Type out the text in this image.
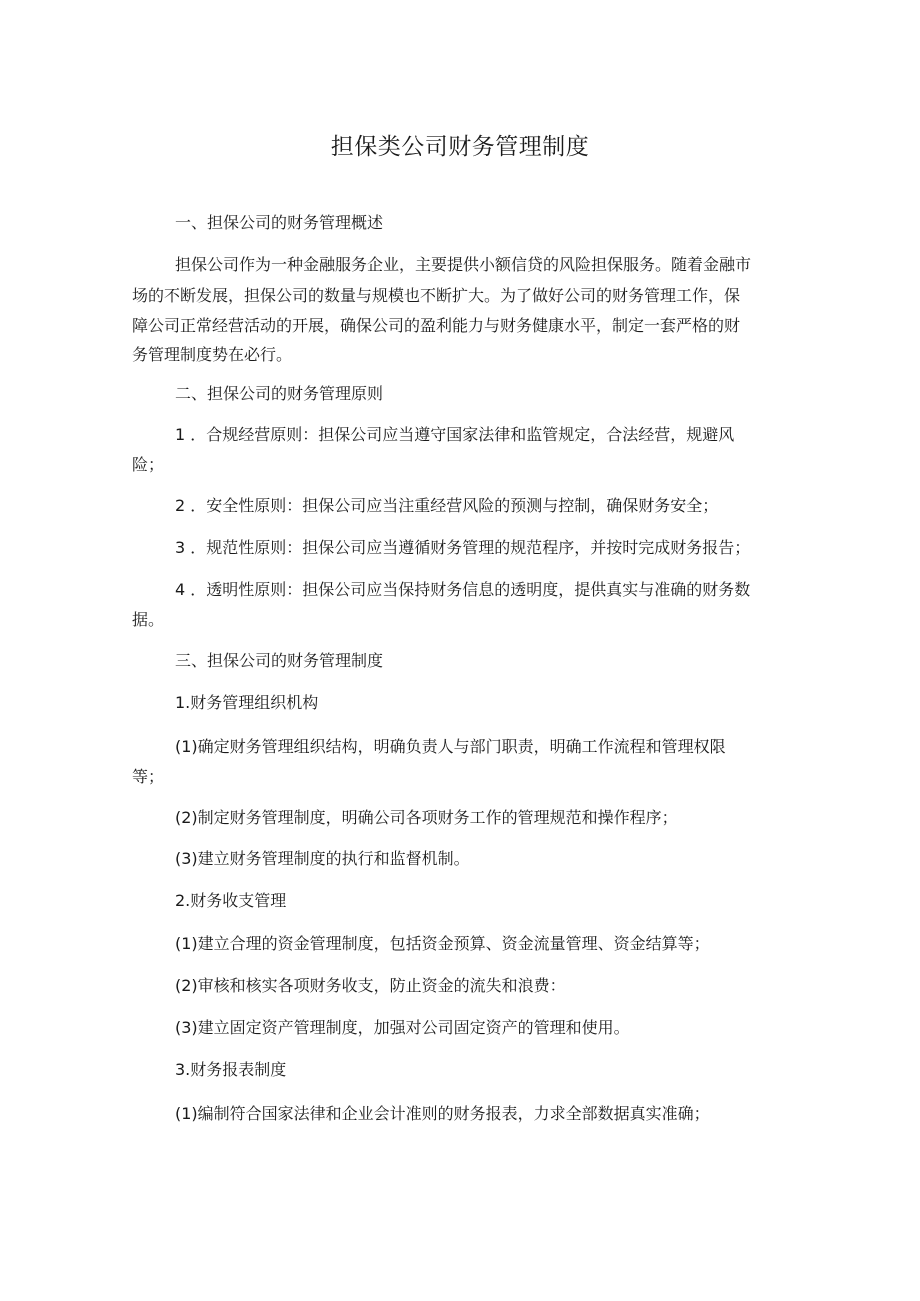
担保类公司财务管理制度
一、担保公司的财务管理概述
担保公司作为一种金融服务企业，主要提供小额信贷的风险担保服务。随着金融市
场的不断发展，担保公司的数量与规模也不断扩大。为了做好公司的财务管理工作，保
障公司正常经营活动的开展，确保公司的盈利能力与财务健康水平，制定一套严格的财
务管理制度势在必行。
二、担保公司的财务管理原则
1 ．合规经营原则：担保公司应当遵守国家法律和监管规定，合法经营，规避风
险；
2 ．安全性原则：担保公司应当注重经营风险的预测与控制，确保财务安全；
3 ．规范性原则：担保公司应当遵循财务管理的规范程序，并按时完成财务报告；
4 ．透明性原则：担保公司应当保持财务信息的透明度，提供真实与准确的财务数
据。
三、担保公司的财务管理制度
1.财务管理组织机构
(1)确定财务管理组织结构，明确负责人与部门职责，明确工作流程和管理权限
等；
(2)制定财务管理制度，明确公司各项财务工作的管理规范和操作程序；
(3)建立财务管理制度的执行和监督机制。
2.财务收支管理
(1)建立合理的资金管理制度，包括资金预算、资金流量管理、资金结算等；
(2)审核和核实各项财务收支，防止资金的流失和浪费：
(3)建立固定资产管理制度，加强对公司固定资产的管理和使用。
3.财务报表制度
(1)编制符合国家法律和企业会计准则的财务报表，力求全部数据真实准确；
